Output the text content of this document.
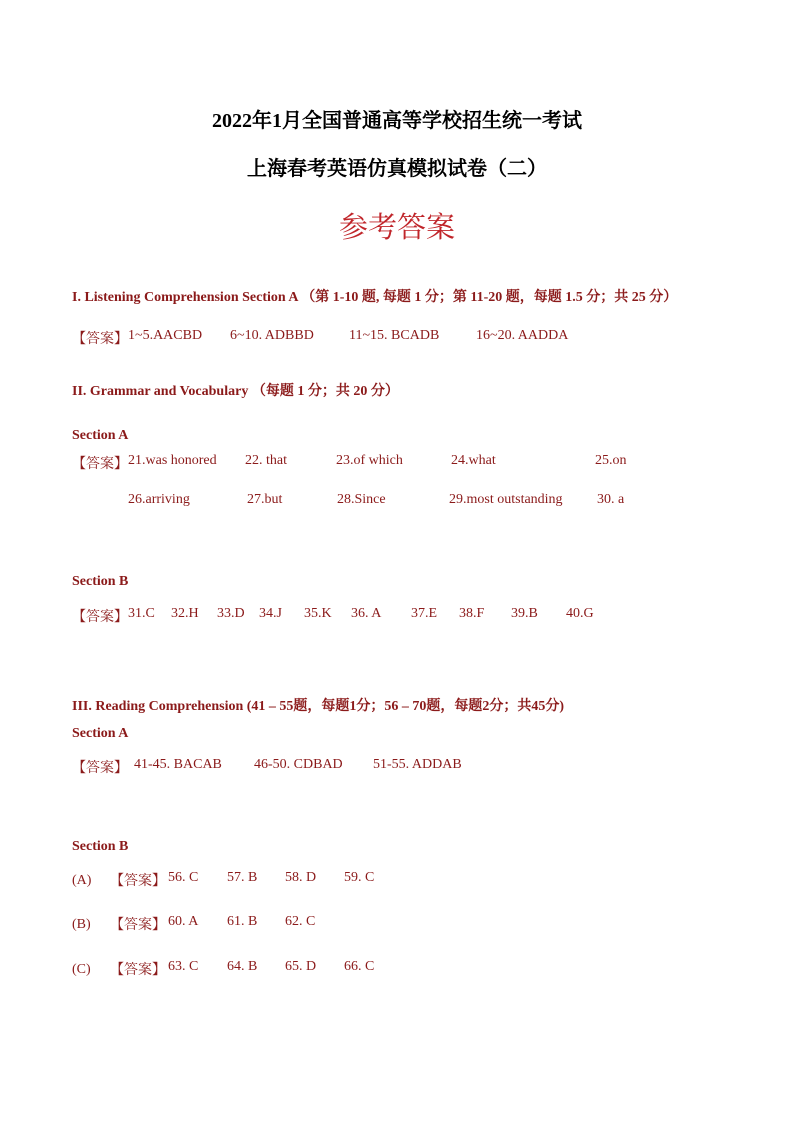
2022年1月全国普通高等学校招生统一考试
上海春考英语仿真模拟试卷（二）
参考答案
I. Listening Comprehension Section A （第 1-10 题, 每题 1 分；第 11-20 题，每题 1.5 分；共 25 分）
【答案】 1~5.AACBD 6~10. ADBBD	11~15. BCADB	16~20. AADDA
II. Grammar and Vocabulary （每题 1 分；共 20 分）
Section A
【答案】 21.was honored 22. that	23.of which	24.what	25.on
26.arriving	27.but	28.Since	29.most outstanding 30. a
Section B
【答案】 31.C 32.H 33.D 34.J 35.K 36. A 37.E 38.F 39.B 40.G
III. Reading Comprehension (41 – 55题，每题1分；56 – 70题，每题2分；共45分)
Section A
【答案】 41-45. BACAB 46-50. CDBAD 51-55. ADDAB
Section B
(A) 【答案】 56. C 57. B 58. D 59. C
(B) 【答案】 60. A 61. B 62. C
(C) 【答案】 63. C 64. B 65. D 66. C
